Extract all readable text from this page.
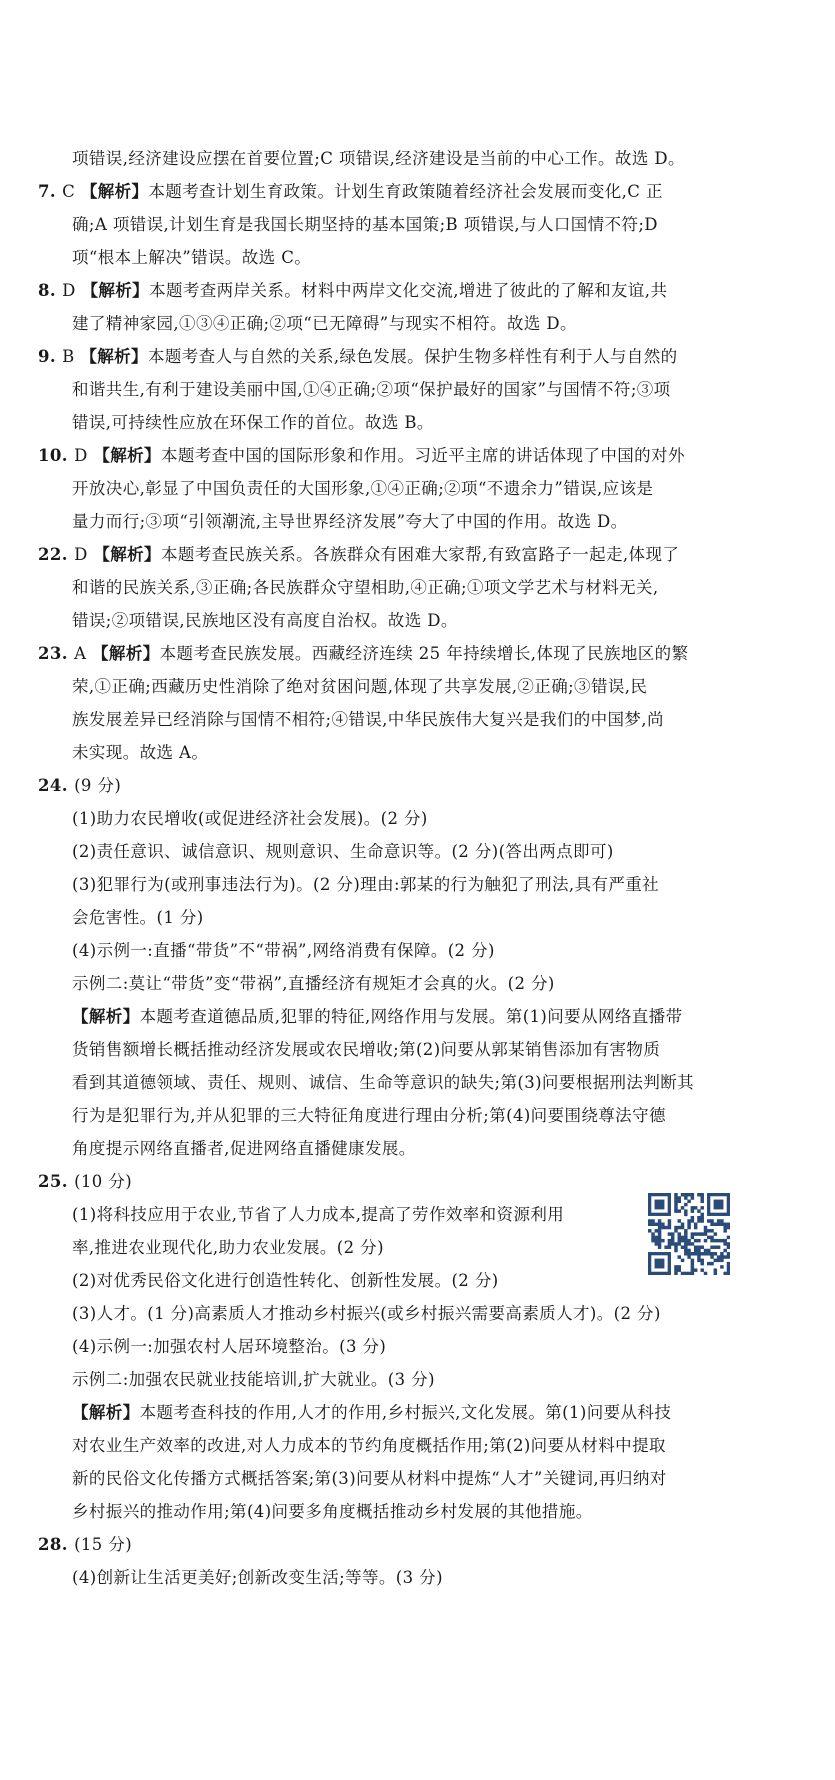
项错误,经济建设应摆在首要位置;C 项错误,经济建设是当前的中心工作。故选 D。
7. C 【解析】本题考查计划生育政策。计划生育政策随着经济社会发展而变化,C 正
确;A 项错误,计划生育是我国长期坚持的基本国策;B 项错误,与人口国情不符;D
项“根本上解决”错误。故选 C。
8. D 【解析】本题考查两岸关系。材料中两岸文化交流,增进了彼此的了解和友谊,共
建了精神家园,①③④正确;②项“已无障碍”与现实不相符。故选 D。
9. B 【解析】本题考查人与自然的关系,绿色发展。保护生物多样性有利于人与自然的
和谐共生,有利于建设美丽中国,①④正确;②项“保护最好的国家”与国情不符;③项
错误,可持续性应放在环保工作的首位。故选 B。
10. D 【解析】本题考查中国的国际形象和作用。习近平主席的讲话体现了中国的对外
开放决心,彰显了中国负责任的大国形象,①④正确;②项“不遗余力”错误,应该是
量力而行;③项“引领潮流,主导世界经济发展”夸大了中国的作用。故选 D。
22. D 【解析】本题考查民族关系。各族群众有困难大家帮,有致富路子一起走,体现了
和谐的民族关系,③正确;各民族群众守望相助,④正确;①项文学艺术与材料无关,
错误;②项错误,民族地区没有高度自治权。故选 D。
23. A 【解析】本题考查民族发展。西藏经济连续 25 年持续增长,体现了民族地区的繁
荣,①正确;西藏历史性消除了绝对贫困问题,体现了共享发展,②正确;③错误,民
族发展差异已经消除与国情不相符;④错误,中华民族伟大复兴是我们的中国梦,尚
未实现。故选 A。
24. (9 分)
(1)助力农民增收(或促进经济社会发展)。(2 分)
(2)责任意识、诚信意识、规则意识、生命意识等。(2 分)(答出两点即可)
(3)犯罪行为(或刑事违法行为)。(2 分)理由:郭某的行为触犯了刑法,具有严重社
会危害性。(1 分)
(4)示例一:直播“带货”不“带祸”,网络消费有保障。(2 分)
示例二:莫让“带货”变“带祸”,直播经济有规矩才会真的火。(2 分)
【解析】本题考查道德品质,犯罪的特征,网络作用与发展。第(1)问要从网络直播带
货销售额增长概括推动经济发展或农民增收;第(2)问要从郭某销售添加有害物质
看到其道德领域、责任、规则、诚信、生命等意识的缺失;第(3)问要根据刑法判断其
行为是犯罪行为,并从犯罪的三大特征角度进行理由分析;第(4)问要围绕尊法守德
角度提示网络直播者,促进网络直播健康发展。
25. (10 分)
(1)将科技应用于农业,节省了人力成本,提高了劳作效率和资源利用
率,推进农业现代化,助力农业发展。(2 分)
(2)对优秀民俗文化进行创造性转化、创新性发展。(2 分)
(3)人才。(1 分)高素质人才推动乡村振兴(或乡村振兴需要高素质人才)。(2 分)
(4)示例一:加强农村人居环境整治。(3 分)
示例二:加强农民就业技能培训,扩大就业。(3 分)
【解析】本题考查科技的作用,人才的作用,乡村振兴,文化发展。第(1)问要从科技
对农业生产效率的改进,对人力成本的节约角度概括作用;第(2)问要从材料中提取
新的民俗文化传播方式概括答案;第(3)问要从材料中提炼“人才”关键词,再归纳对
乡村振兴的推动作用;第(4)问要多角度概括推动乡村发展的其他措施。
28. (15 分)
(4)创新让生活更美好;创新改变生活;等等。(3 分)
